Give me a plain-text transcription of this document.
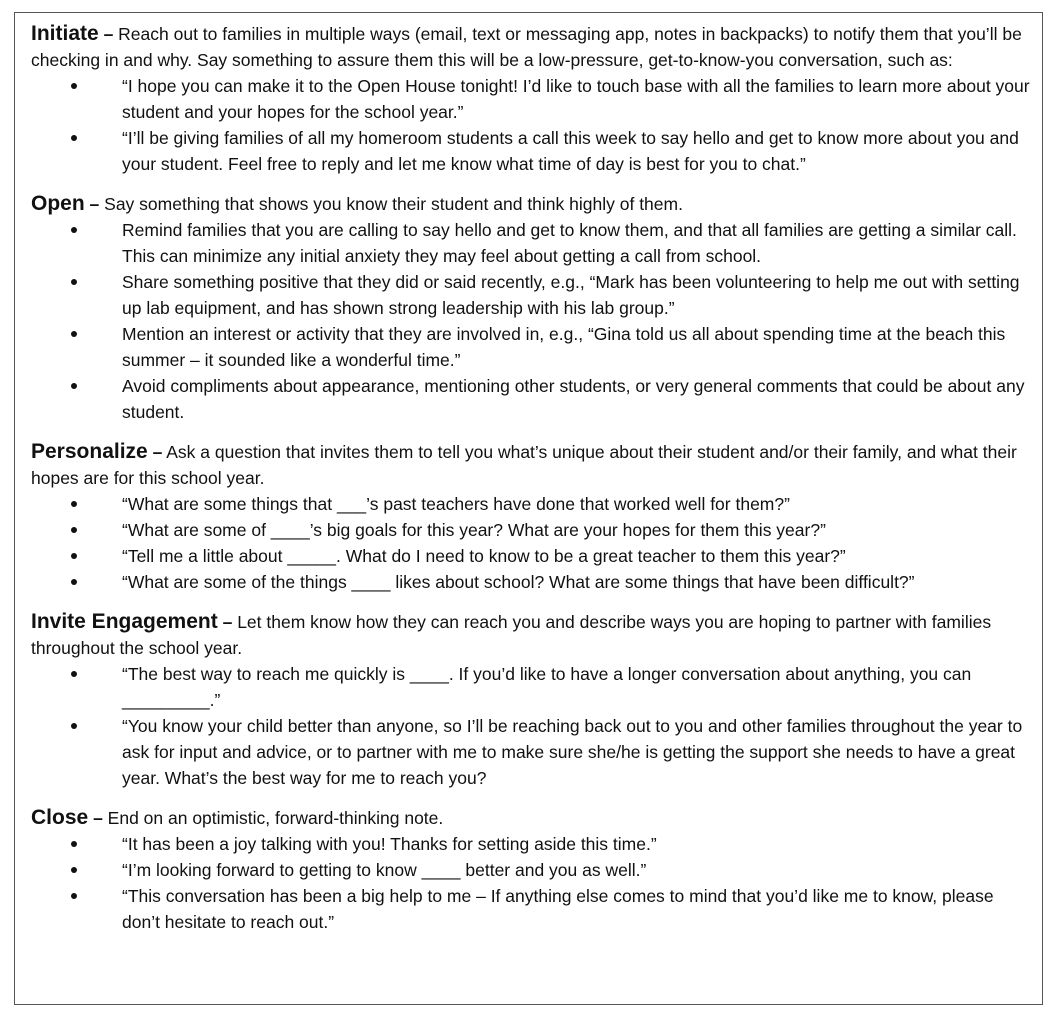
Initiate – Reach out to families in multiple ways (email, text or messaging app, notes in backpacks) to notify them that you’ll be checking in and why. Say something to assure them this will be a low-pressure, get-to-know-you conversation, such as:

“I hope you can make it to the Open House tonight! I’d like to touch base with all the families to learn more about your student and your hopes for the school year.”
“I’ll be giving families of all my homeroom students a call this week to say hello and get to know more about you and your student. Feel free to reply and let me know what time of day is best for you to chat.”

Open – Say something that shows you know their student and think highly of them.

Remind families that you are calling to say hello and get to know them, and that all families are getting a similar call. This can minimize any initial anxiety they may feel about getting a call from school.
Share something positive that they did or said recently, e.g., “Mark has been volunteering to help me out with setting up lab equipment, and has shown strong leadership with his lab group.”
Mention an interest or activity that they are involved in, e.g., “Gina told us all about spending time at the beach this summer – it sounded like a wonderful time.”
Avoid compliments about appearance, mentioning other students, or very general comments that could be about any student.

Personalize – Ask a question that invites them to tell you what’s unique about their student and/or their family, and what their hopes are for this school year.

“What are some things that ___’s past teachers have done that worked well for them?”
“What are some of ____’s big goals for this year? What are your hopes for them this year?”
“Tell me a little about _____. What do I need to know to be a great teacher to them this year?”
“What are some of the things ____ likes about school? What are some things that have been difficult?”

Invite Engagement – Let them know how they can reach you and describe ways you are hoping to partner with families throughout the school year.

“The best way to reach me quickly is ____. If you’d like to have a longer conversation about anything, you can _________.”
“You know your child better than anyone, so I’ll be reaching back out to you and other families throughout the year to ask for input and advice, or to partner with me to make sure she/he is getting the support she needs to have a great year. What’s the best way for me to reach you?

Close – End on an optimistic, forward-thinking note.

“It has been a joy talking with you! Thanks for setting aside this time.”
“I’m looking forward to getting to know ____ better and you as well.”
“This conversation has been a big help to me – If anything else comes to mind that you’d like me to know, please don’t hesitate to reach out.”
